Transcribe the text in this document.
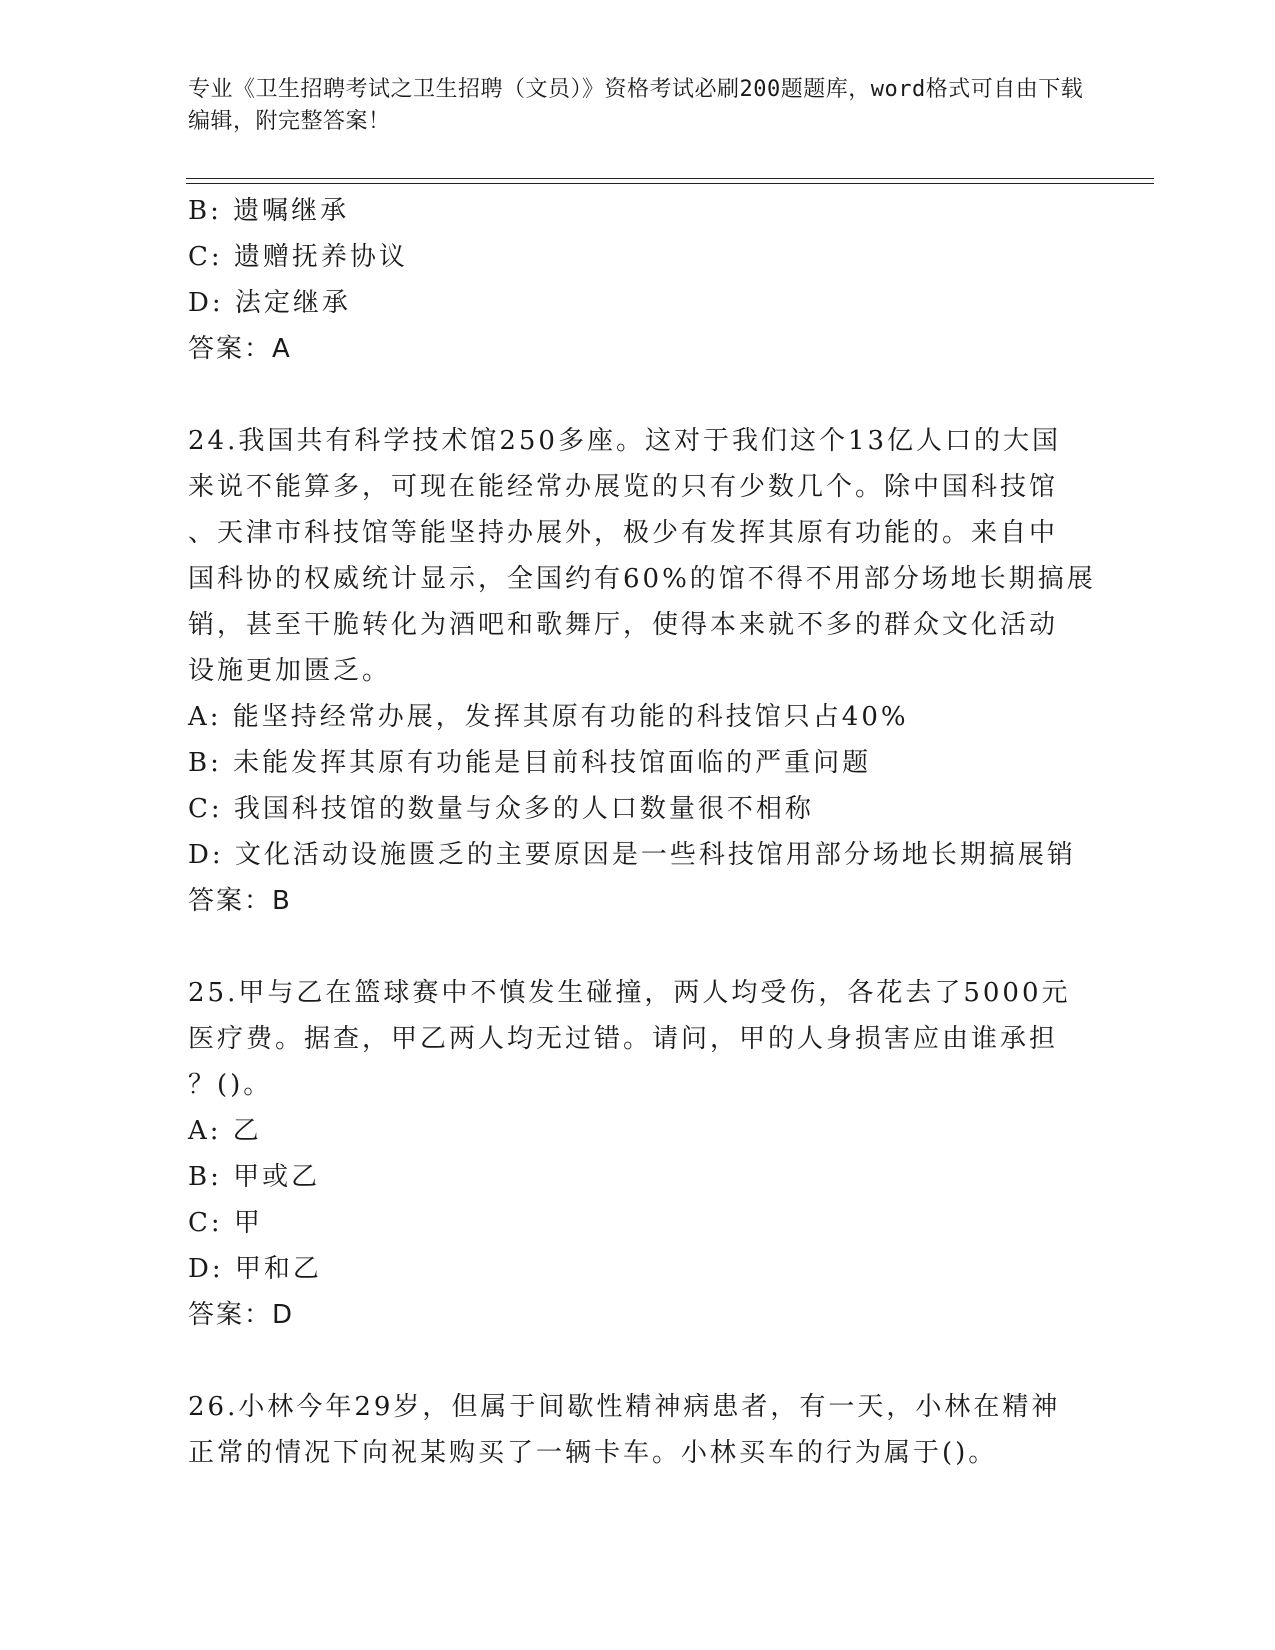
专业《卫生招聘考试之卫生招聘（文员）》资格考试必刷200题题库，word格式可自由下载编辑，附完整答案！
B: 遗嘱继承
C: 遗赠抚养协议
D: 法定继承
答案：A
24.我国共有科学技术馆250多座。这对于我们这个13亿人口的大国
来说不能算多，可现在能经常办展览的只有少数几个。除中国科技馆
、天津市科技馆等能坚持办展外，极少有发挥其原有功能的。来自中
国科协的权威统计显示，全国约有60%的馆不得不用部分场地长期搞展
销，甚至干脆转化为酒吧和歌舞厅，使得本来就不多的群众文化活动
设施更加匮乏。
A: 能坚持经常办展，发挥其原有功能的科技馆只占40%
B: 未能发挥其原有功能是目前科技馆面临的严重问题
C: 我国科技馆的数量与众多的人口数量很不相称
D: 文化活动设施匮乏的主要原因是一些科技馆用部分场地长期搞展销
答案：B
25.甲与乙在篮球赛中不慎发生碰撞，两人均受伤，各花去了5000元
医疗费。据查，甲乙两人均无过错。请问，甲的人身损害应由谁承担
？()。
A: 乙
B: 甲或乙
C: 甲
D: 甲和乙
答案：D
26.小林今年29岁，但属于间歇性精神病患者，有一天，小林在精神
正常的情况下向祝某购买了一辆卡车。小林买车的行为属于()。
